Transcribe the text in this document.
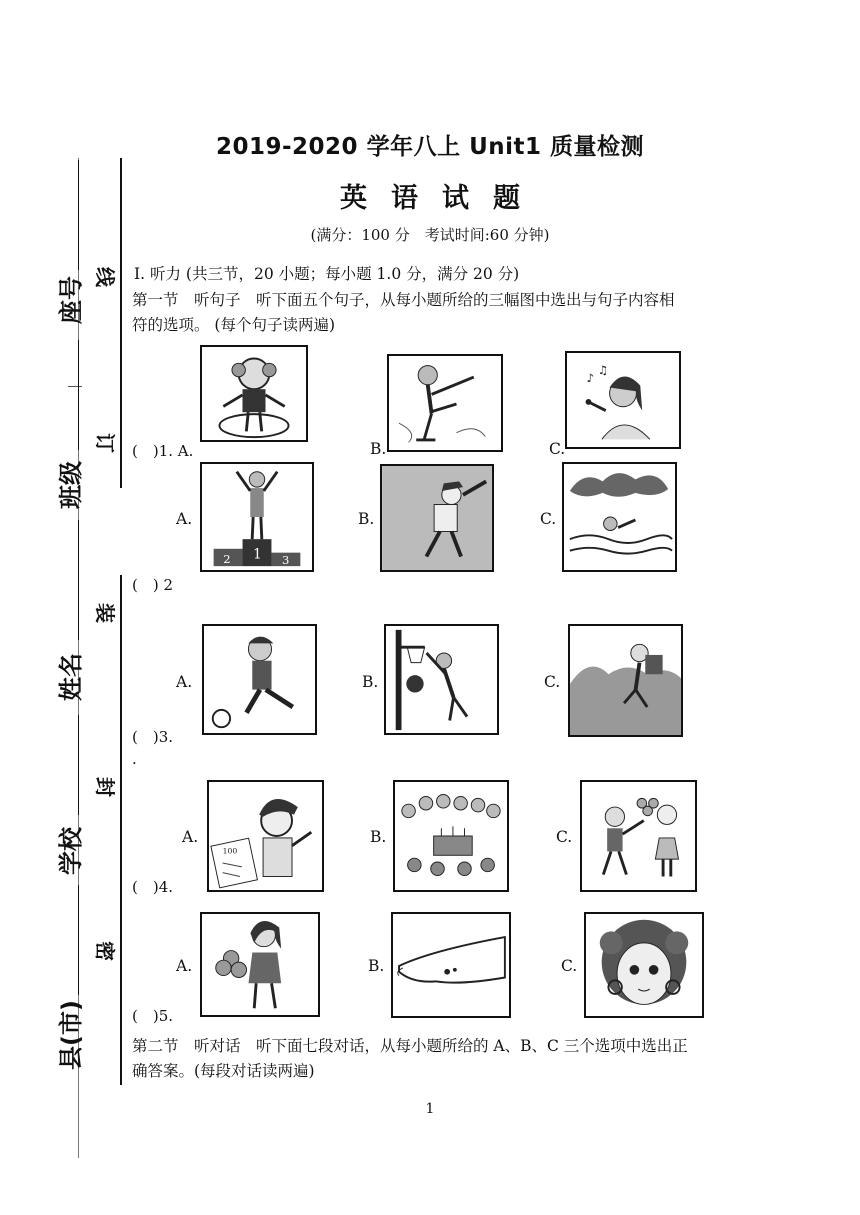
2019-2020 学年八上 Unit1 质量检测
英语试题
(满分：100 分　考试时间:60 分钟)
座号
班级
姓名
学校
县(市)
线
订
装
封
密
Ⅰ. 听力 (共三节，20 小题；每小题 1.0 分，满分 20 分)
第一节　听句子　听下面五个句子，从每小题所给的三幅图中选出与句子内容相
符的选项。 (每个句子读两遍)
♪
♫
(　)1. A.	B.	C.
1
2	3
A.	B.	C.
(　) 2
A.	B.	C.
(　)3.
.
100
A.	B.	C.
(　)4.
A.	B.	C.
(　)5.
第二节　听对话　听下面七段对话，从每小题所给的 A、B、C 三个选项中选出正
确答案。(每段对话读两遍)
1
